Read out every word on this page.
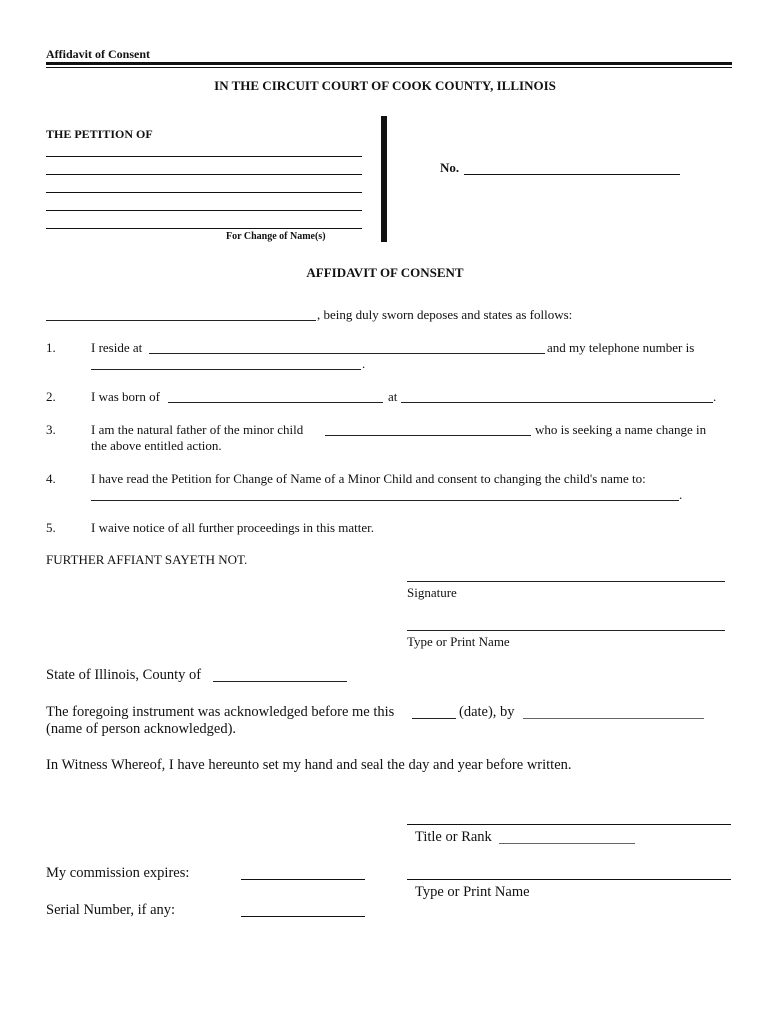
Affidavit of Consent
IN THE CIRCUIT COURT OF COOK COUNTY, ILLINOIS
THE PETITION OF
For Change of Name(s)
No.
AFFIDAVIT OF CONSENT
, being duly sworn deposes and states as follows:
1.	I reside at	and my telephone number is
.
2.	I was born of	at	.
3.	I am the natural father of the minor child	who is seeking a name change in
the above entitled action.
4.	I have read the Petition for Change of Name of a Minor Child and consent to changing the child's name to:
.
5.	I waive notice of all further proceedings in this matter.
FURTHER AFFIANT SAYETH NOT.
Signature
Type or Print Name
State of Illinois, County of
The foregoing instrument was acknowledged before me this	(date), by
(name of person acknowledged).
In Witness Whereof, I have hereunto set my hand and seal the day and year before written.
Title or Rank
My commission expires:
Type or Print Name
Serial Number, if any:
